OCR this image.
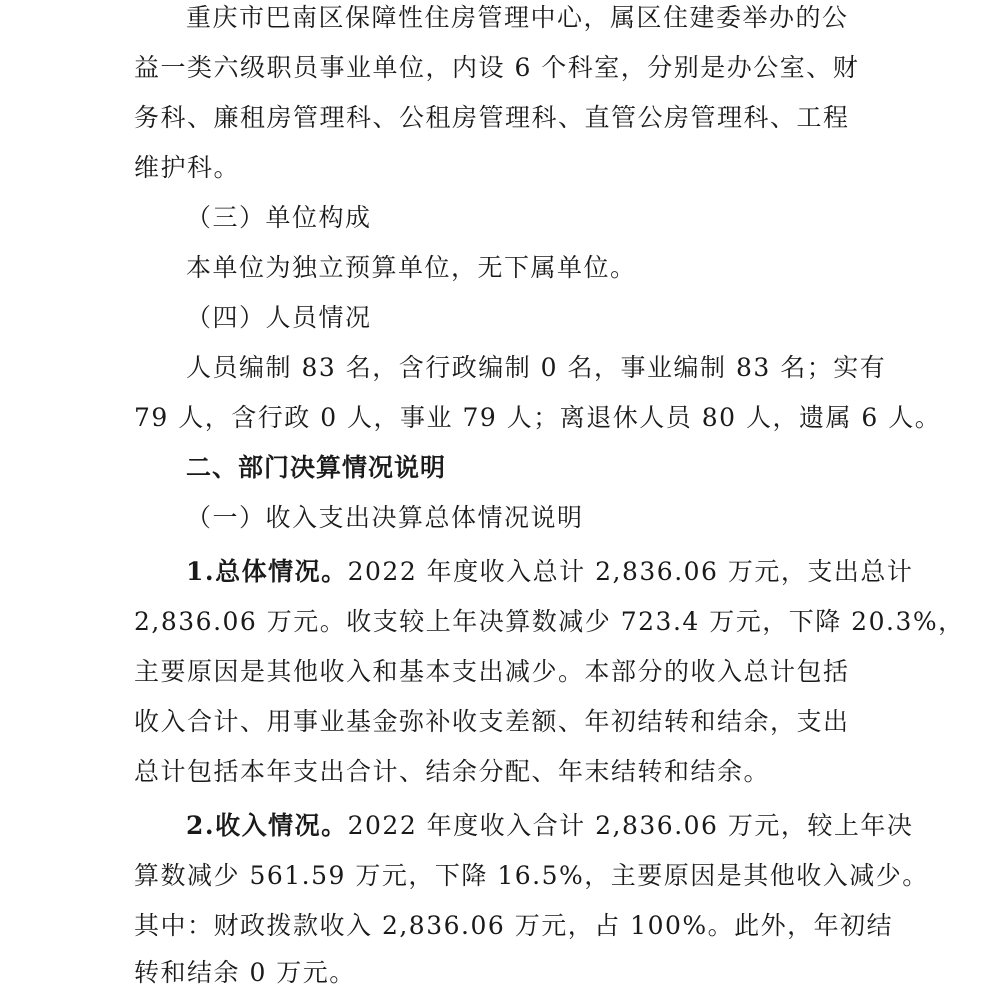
重庆市巴南区保障性住房管理中心，属区住建委举办的公
益一类六级职员事业单位，内设 6 个科室，分别是办公室、财
务科、廉租房管理科、公租房管理科、直管公房管理科、工程
维护科。
（三）单位构成
本单位为独立预算单位，无下属单位。
（四）人员情况
人员编制 83 名，含行政编制 0 名，事业编制 83 名；实有
79 人，含行政 0 人，事业 79 人；离退休人员 80 人，遗属 6 人。
二、部门决算情况说明
（一）收入支出决算总体情况说明
1.总体情况。2022 年度收入总计 2,836.06 万元，支出总计
2,836.06 万元。收支较上年决算数减少 723.4 万元，下降 20.3%，
主要原因是其他收入和基本支出减少。本部分的收入总计包括
收入合计、用事业基金弥补收支差额、年初结转和结余，支出
总计包括本年支出合计、结余分配、年末结转和结余。
2.收入情况。2022 年度收入合计 2,836.06 万元，较上年决
算数减少 561.59 万元，下降 16.5%，主要原因是其他收入减少。
其中：财政拨款收入 2,836.06 万元，占 100%。此外，年初结
转和结余 0 万元。
